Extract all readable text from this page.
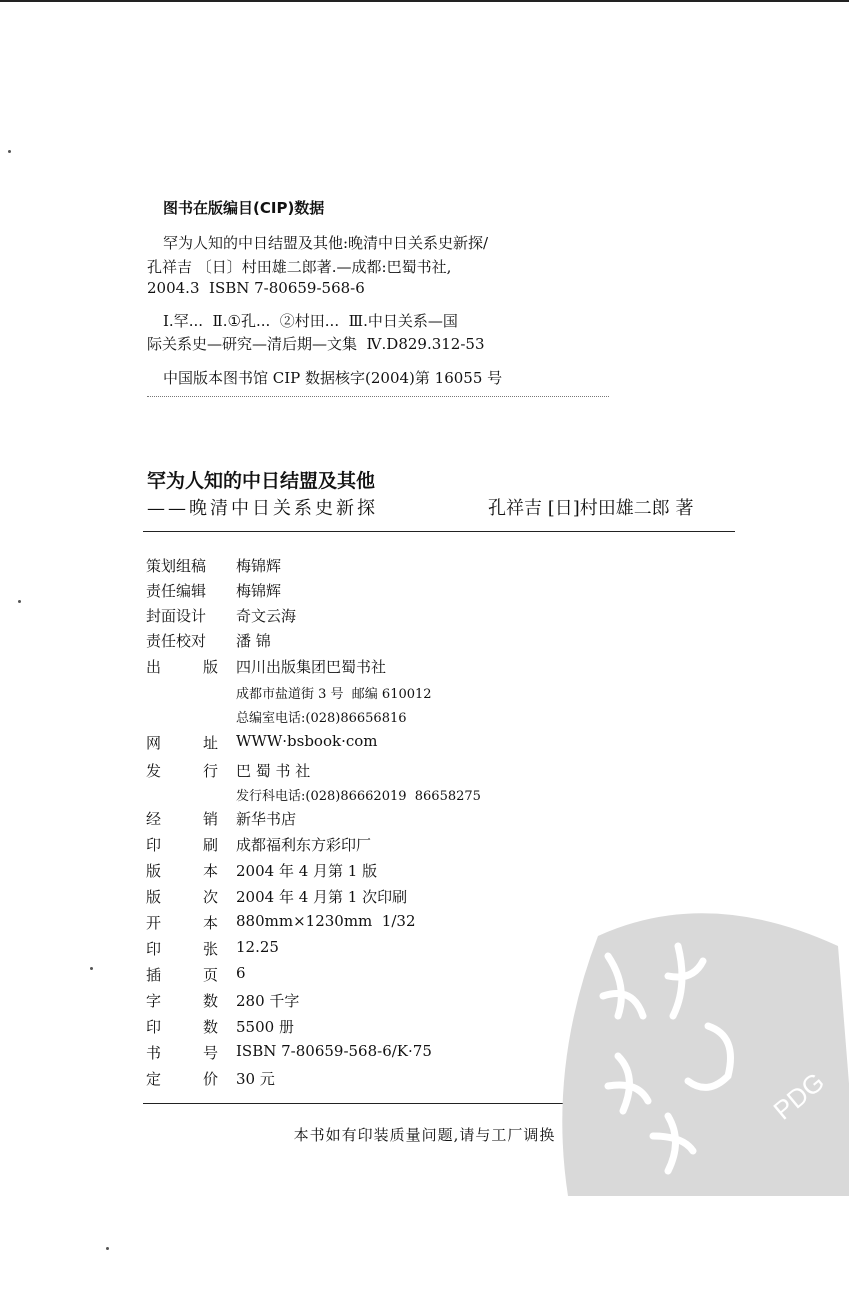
图书在版编目(CIP)数据
罕为人知的中日结盟及其他:晚清中日关系史新探/
孔祥吉 〔日〕村田雄二郎著.—成都:巴蜀书社,
2004.3  ISBN 7-80659-568-6
Ⅰ.罕...  Ⅱ.①孔...  ②村田...  Ⅲ.中日关系—国
际关系史—研究—清后期—文集  Ⅳ.D829.312-53
中国版本图书馆 CIP 数据核字(2004)第 16055 号
罕为人知的中日结盟及其他
——晚清中日关系史新探	孔祥吉 [日]村田雄二郎 著
策划组稿 梅锦辉
责任编辑 梅锦辉
封面设计 奇文云海
责任校对 潘 锦
出	版 四川出版集团巴蜀书社
成都市盐道街 3 号  邮编 610012
总编室电话:(028)86656816
网	址 WWW·bsbook·com
发	行 巴 蜀 书 社
发行科电话:(028)86662019  86658275
经	销 新华书店
印	刷 成都福利东方彩印厂
版	本 2004 年 4 月第 1 版
版	次 2004 年 4 月第 1 次印刷
开	本 880mm×1230mm  1/32
印	张 12.25
插	页 6
字	数 280 千字
印	数 5500 册
书	号 ISBN 7-80659-568-6/K·75
定	价 30 元
本书如有印装质量问题,请与工厂调换
PDG
